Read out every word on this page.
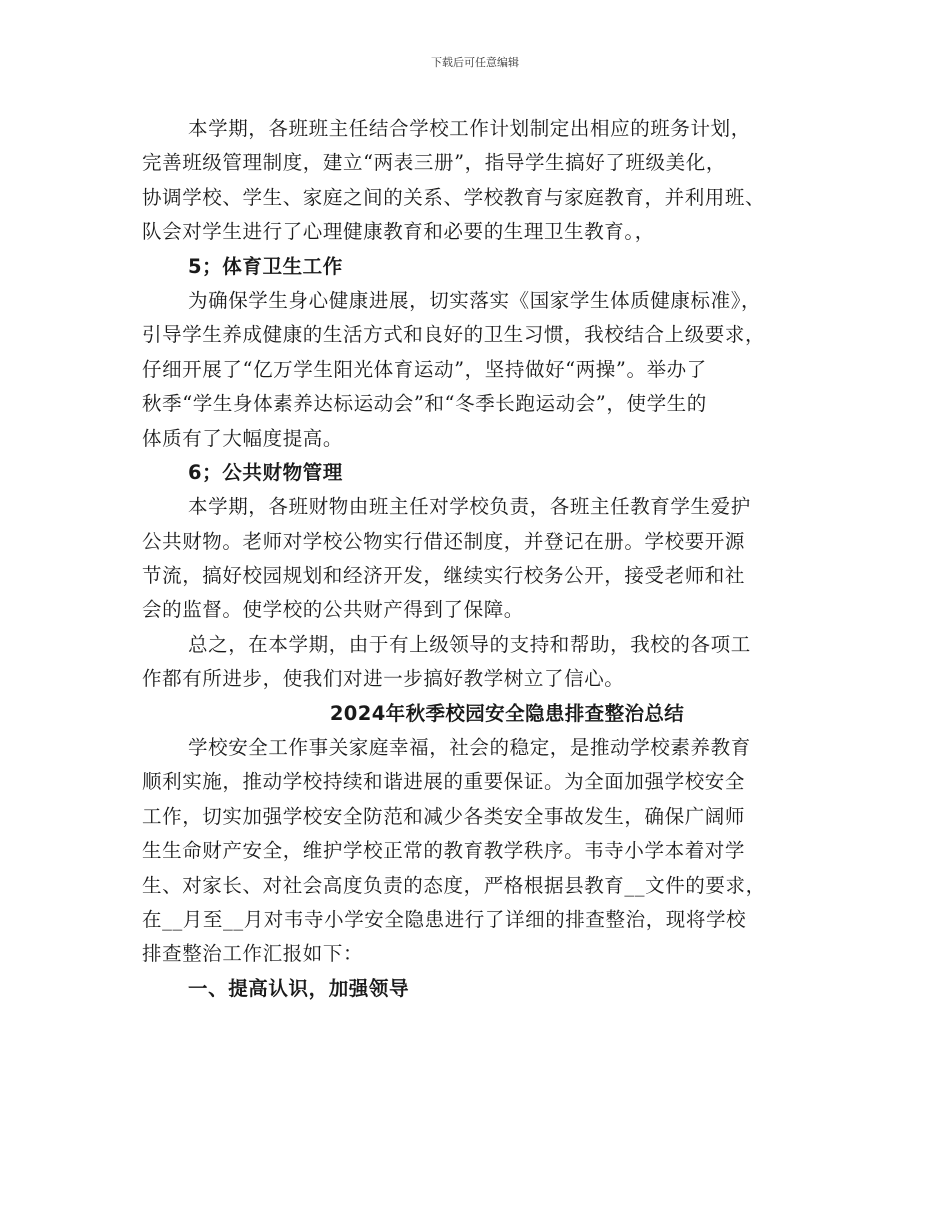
下载后可任意编辑
本学期，各班班主任结合学校工作计划制定出相应的班务计划，
完善班级管理制度，建立“两表三册”，指导学生搞好了班级美化，
协调学校、学生、家庭之间的关系、学校教育与家庭教育，并利用班、
队会对学生进行了心理健康教育和必要的生理卫生教育。，
5；体育卫生工作
为确保学生身心健康进展，切实落实《国家学生体质健康标准》，
引导学生养成健康的生活方式和良好的卫生习惯，我校结合上级要求，
仔细开展了“亿万学生阳光体育运动”，坚持做好“两操”。举办了
秋季“学生身体素养达标运动会”和“冬季长跑运动会”，使学生的
体质有了大幅度提高。
6；公共财物管理
本学期，各班财物由班主任对学校负责，各班主任教育学生爱护
公共财物。老师对学校公物实行借还制度，并登记在册。学校要开源
节流，搞好校园规划和经济开发，继续实行校务公开，接受老师和社
会的监督。使学校的公共财产得到了保障。
总之，在本学期，由于有上级领导的支持和帮助，我校的各项工
作都有所进步，使我们对进一步搞好教学树立了信心。
2024年秋季校园安全隐患排查整治总结
学校安全工作事关家庭幸福，社会的稳定，是推动学校素养教育
顺利实施，推动学校持续和谐进展的重要保证。为全面加强学校安全
工作，切实加强学校安全防范和减少各类安全事故发生，确保广阔师
生生命财产安全，维护学校正常的教育教学秩序。韦寺小学本着对学
生、对家长、对社会高度负责的态度，严格根据县教育__文件的要求，
在__月至__月对韦寺小学安全隐患进行了详细的排查整治，现将学校
排查整治工作汇报如下：
一、提高认识，加强领导
